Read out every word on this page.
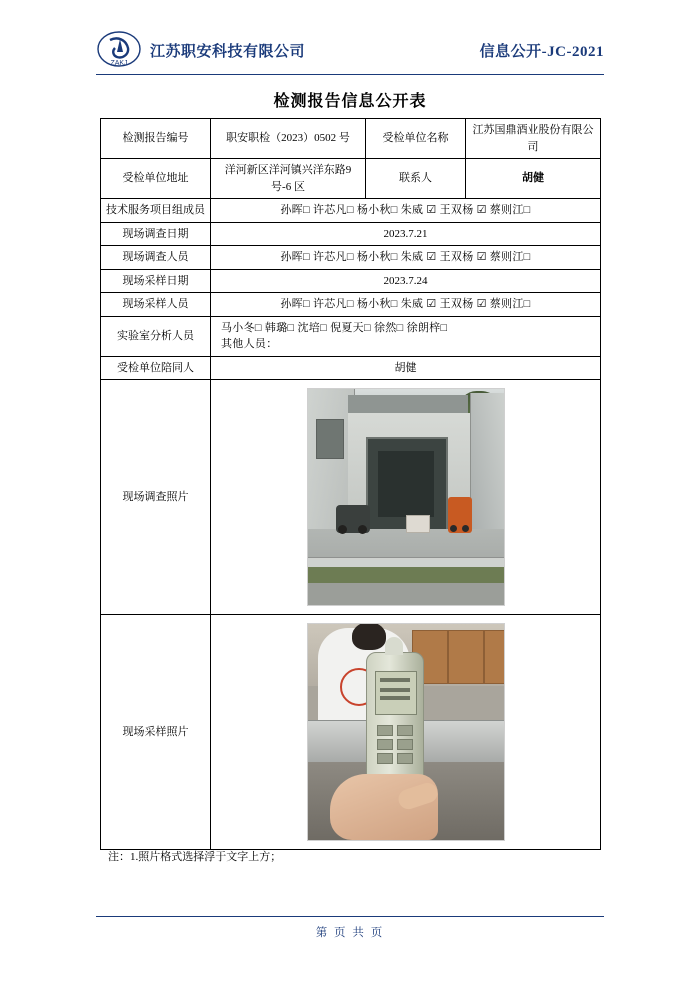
ZAKJ
江苏职安科技有限公司	信息公开-JC-2021
检测报告信息公开表
检测报告编号	职安职检（2023）0502 号	受检单位名称	江苏国鼎酒业股份有限公司
受检单位地址	洋河新区洋河镇兴洋东路9 号-6 区	联系人	胡健
技术服务项目组成员	孙晖□ 许芯凡□ 杨小秋□ 朱威 ☑ 王双杨 ☑ 蔡则江□		
现场调查日期	2023.7.21		
现场调查人员	孙晖□ 许芯凡□ 杨小秋□ 朱威 ☑ 王双杨 ☑ 蔡则江□		
现场采样日期	2023.7.24		
现场采样人员	孙晖□ 许芯凡□ 杨小秋□ 朱威 ☑ 王双杨 ☑ 蔡则江□		
实验室分析人员	马小冬□ 韩璐□ 沈培□ 倪夏天□ 徐然□ 徐朗梓□
其他人员：		

受检单位陪同人	胡健		
现场调查照片			

现场采样照片			
注：1.照片格式选择浮于文字上方；
第 页 共 页
